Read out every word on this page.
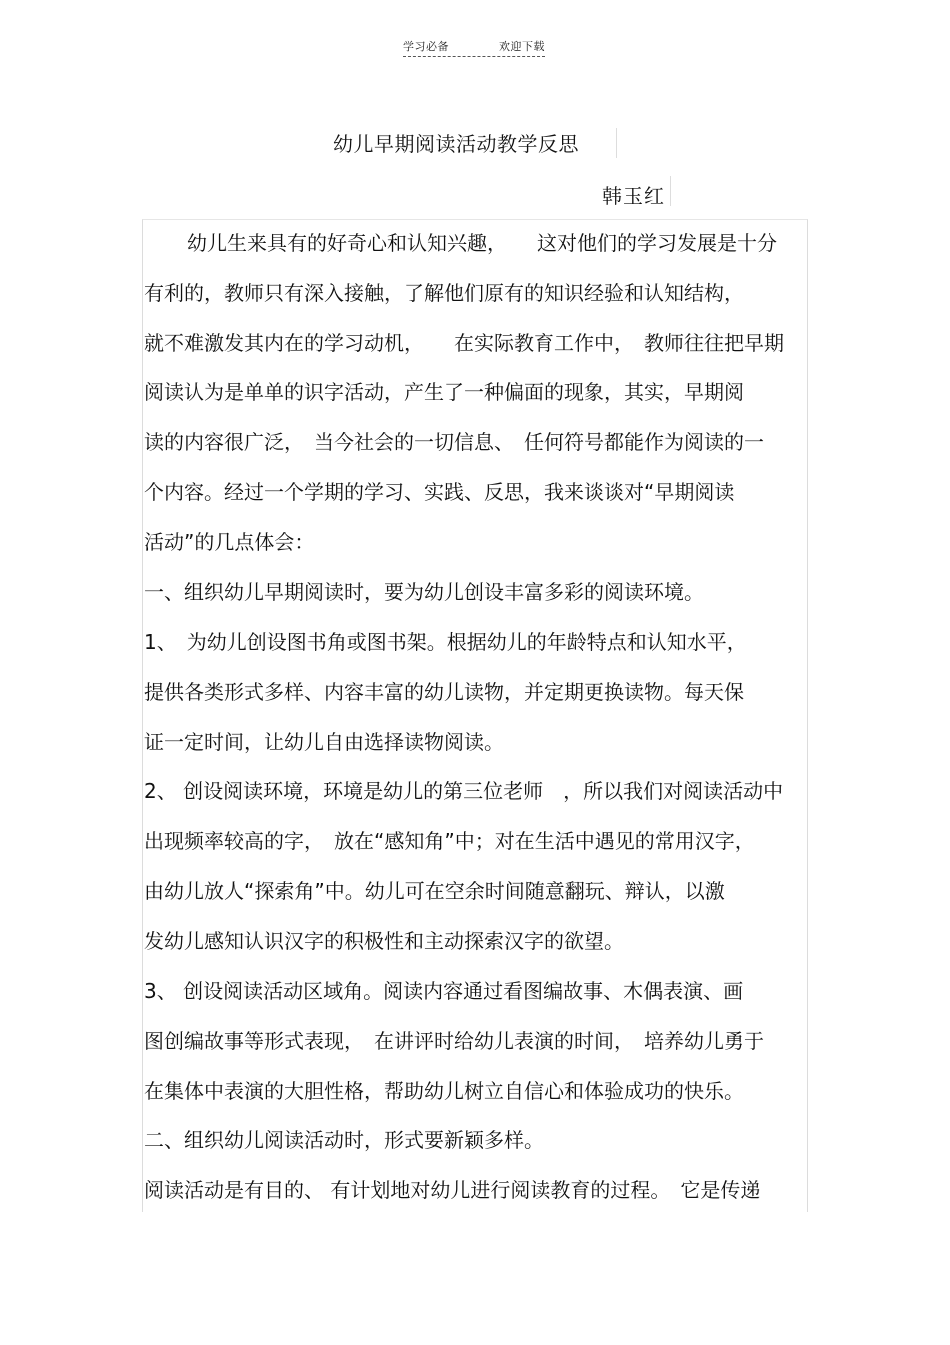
学习必备	欢迎下载
幼儿早期阅读活动教学反思
韩玉红
幼儿生来具有的好奇心和认知兴趣，　　这对他们的学习发展是十分
有利的，教师只有深入接触，了解他们原有的知识经验和认知结构，
就不难激发其内在的学习动机，　　在实际教育工作中，　教师往往把早期
阅读认为是单单的识字活动，产生了一种偏面的现象，其实，早期阅
读的内容很广泛，　当今社会的一切信息、　任何符号都能作为阅读的一
个内容。经过一个学期的学习、实践、反思，我来谈谈对“早期阅读
活动”的几点体会：
一、组织幼儿早期阅读时，要为幼儿创设丰富多彩的阅读环境。
1、　为幼儿创设图书角或图书架。根据幼儿的年龄特点和认知水平，
提供各类形式多样、内容丰富的幼儿读物，并定期更换读物。每天保
证一定时间，让幼儿自由选择读物阅读。
2、 创设阅读环境，环境是幼儿的第三位老师　，所以我们对阅读活动中
出现频率较高的字，　放在“感知角”中；对在生活中遇见的常用汉字，
由幼儿放人“探索角”中。幼儿可在空余时间随意翻玩、辩认，以激
发幼儿感知认识汉字的积极性和主动探索汉字的欲望。
3、 创设阅读活动区域角。阅读内容通过看图编故事、木偶表演、画
图创编故事等形式表现，　在讲评时给幼儿表演的时间，　培养幼儿勇于
在集体中表演的大胆性格，帮助幼儿树立自信心和体验成功的快乐。
二、组织幼儿阅读活动时，形式要新颖多样。
阅读活动是有目的、 有计划地对幼儿进行阅读教育的过程。　它是传递
